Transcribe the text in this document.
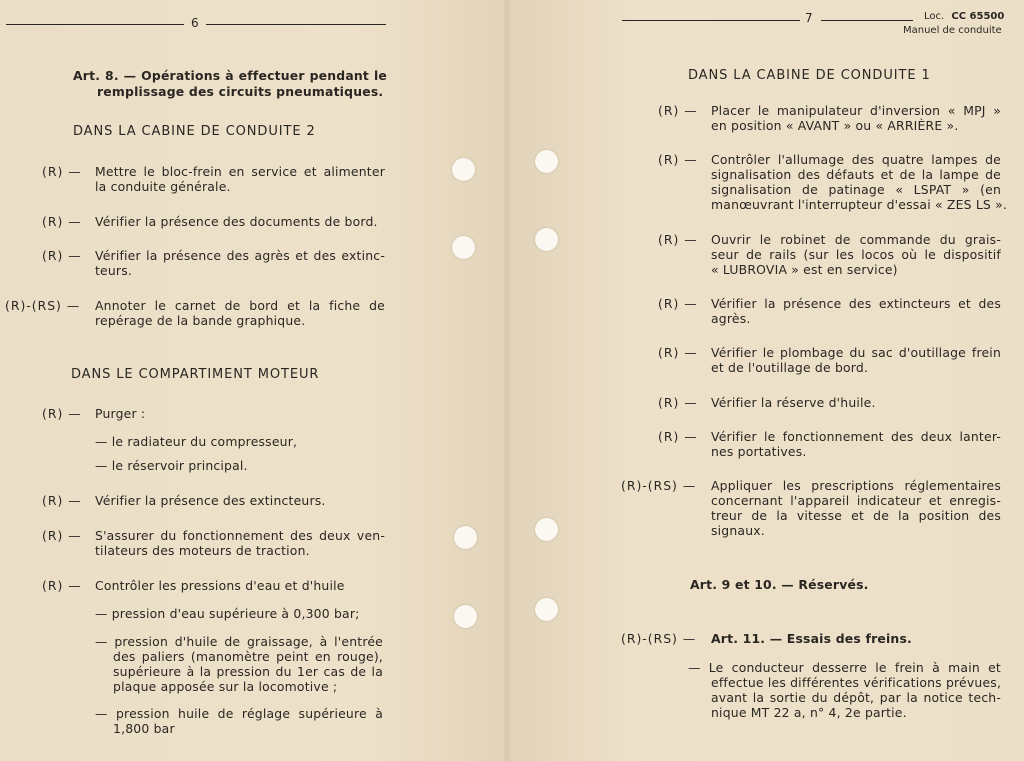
6
Art. 8. — Opérations à effectuer pendant le
remplissage des circuits pneumatiques.
DANS LA CABINE DE CONDUITE 2
(R) — Mettre le bloc-frein en service et alimenter
la conduite générale.
(R) — Vérifier la présence des documents de bord.
(R) — Vérifier la présence des agrès et des extinc-
teurs.
(R)-(RS) — Annoter le carnet de bord et la fiche de
repérage de la bande graphique.
DANS LE COMPARTIMENT MOTEUR
(R) — Purger :
— le radiateur du compresseur,
— le réservoir principal.
(R) — Vérifier la présence des extincteurs.
(R) — S'assurer du fonctionnement des deux ven-
tilateurs des moteurs de traction.
(R) — Contrôler les pressions d'eau et d'huile
— pression d'eau supérieure à 0,300 bar;
— pression d'huile de graissage, à l'entrée
des paliers (manomètre peint en rouge),
supérieure à la pression du 1er cas de la
plaque apposée sur la locomotive ;
— pression huile de réglage supérieure à
1,800 bar
7	Loc. CC 65500
Manuel de conduite
DANS LA CABINE DE CONDUITE 1
(R) — Placer le manipulateur d'inversion « MPJ »
en position « AVANT » ou « ARRIÈRE ».
(R) — Contrôler l'allumage des quatre lampes de
signalisation des défauts et de la lampe de
signalisation de patinage « LSPAT » (en
manœuvrant l'interrupteur d'essai « ZES LS ».
(R) — Ouvrir le robinet de commande du grais-
seur de rails (sur les locos où le dispositif
« LUBROVIA » est en service)
(R) — Vérifier la présence des extincteurs et des
agrès.
(R) — Vérifier le plombage du sac d'outillage frein
et de l'outillage de bord.
(R) — Vérifier la réserve d'huile.
(R) — Vérifier le fonctionnement des deux lanter-
nes portatives.
(R)-(RS) — Appliquer les prescriptions réglementaires
concernant l'appareil indicateur et enregis-
treur de la vitesse et de la position des
signaux.
Art. 9 et 10. — Réservés.
(R)-(RS) — Art. 11. — Essais des freins.
— Le conducteur desserre le frein à main et
effectue les différentes vérifications prévues,
avant la sortie du dépôt, par la notice tech-
nique MT 22 a, n° 4, 2e partie.
